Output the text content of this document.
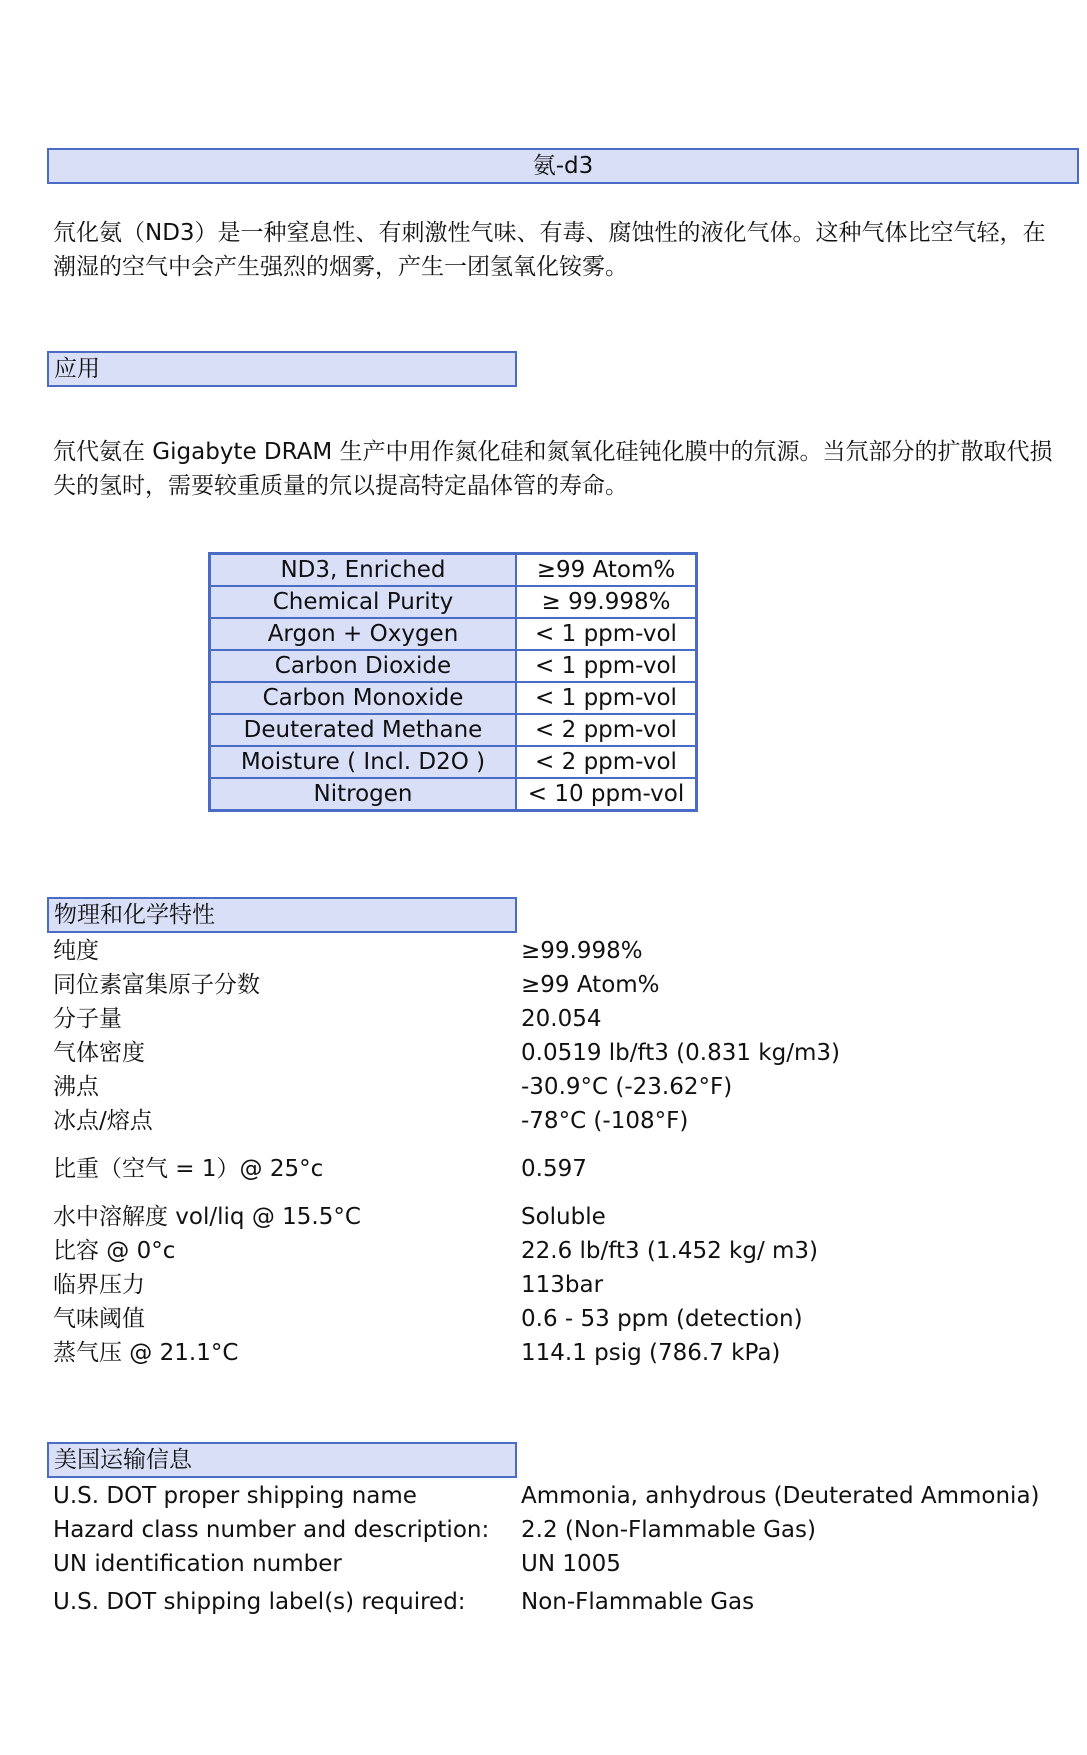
氨-d3
氘化氨（ND3）是一种窒息性、有刺激性气味、有毒、腐蚀性的液化气体。这种气体比空气轻，在潮湿的空气中会产生强烈的烟雾，产生一团氢氧化铵雾。
应用
氘代氨在 Gigabyte DRAM 生产中用作氮化硅和氮氧化硅钝化膜中的氘源。当氘部分的扩散取代损失的氢时，需要较重质量的氘以提高特定晶体管的寿命。
ND3, Enriched	≥99 Atom%
Chemical Purity	≥ 99.998%
Argon + Oxygen	< 1 ppm-vol
Carbon Dioxide	< 1 ppm-vol
Carbon Monoxide	< 1 ppm-vol
Deuterated Methane	< 2 ppm-vol
Moisture ( Incl. D2O )	< 2 ppm-vol
Nitrogen	< 10 ppm-vol
物理和化学特性
纯度	≥99.998%
同位素富集原子分数	≥99 Atom%
分子量	20.054
气体密度	0.0519 lb/ft3 (0.831 kg/m3)
沸点	-30.9°C (-23.62°F)
冰点/熔点	-78°C (-108°F)
比重（空气 = 1）@ 25°c	0.597
水中溶解度 vol/liq @ 15.5°C	Soluble
比容 @ 0°c	22.6 lb/ft3 (1.452 kg/ m3)
临界压力	113bar
气味阈值	0.6 - 53 ppm (detection)
蒸气压 @ 21.1°C	114.1 psig (786.7 kPa)
美国运输信息
U.S. DOT proper shipping name	Ammonia, anhydrous (Deuterated Ammonia)
Hazard class number and description: 2.2 (Non-Flammable Gas)
UN identification number	UN 1005
U.S. DOT shipping label(s) required: Non-Flammable Gas
